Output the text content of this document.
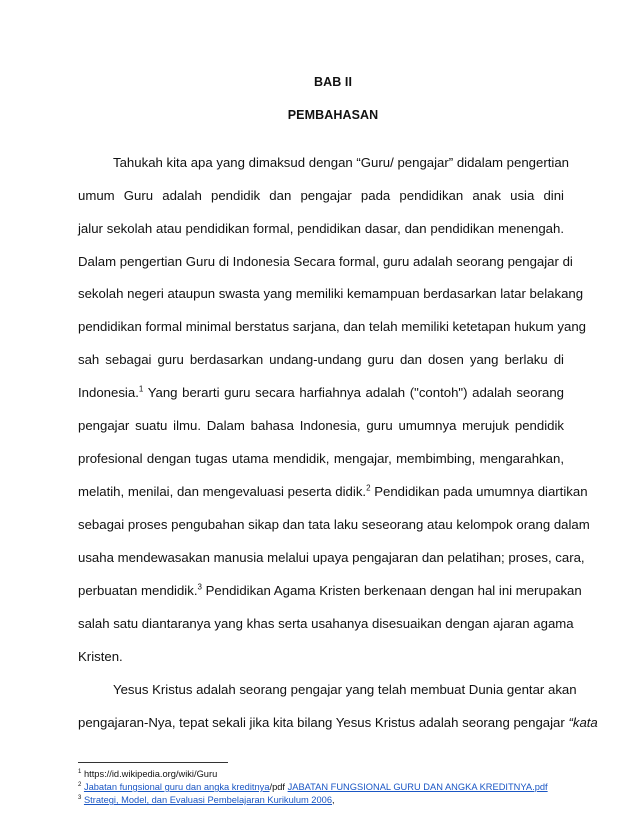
BAB II
PEMBAHASAN
Tahukah kita apa yang dimaksud dengan “Guru/ pengajar” didalam pengertian
umum Guru adalah pendidik dan pengajar pada pendidikan anak usia dini
jalur sekolah atau pendidikan formal, pendidikan dasar, dan pendidikan menengah.
Dalam pengertian Guru di Indonesia Secara formal, guru adalah seorang pengajar di
sekolah negeri ataupun swasta yang memiliki kemampuan berdasarkan latar belakang
pendidikan formal minimal berstatus sarjana, dan telah memiliki ketetapan hukum yang
sah sebagai guru berdasarkan undang-undang guru dan dosen yang berlaku di
Indonesia.$^1$ Yang berarti guru secara harfiahnya adalah ("contoh") adalah seorang
pengajar suatu ilmu. Dalam bahasa Indonesia, guru umumnya merujuk pendidik
profesional dengan tugas utama mendidik, mengajar, membimbing, mengarahkan,
melatih, menilai, dan mengevaluasi peserta didik.$^2$ Pendidikan pada umumnya diartikan
sebagai proses pengubahan sikap dan tata laku seseorang atau kelompok orang dalam
usaha mendewasakan manusia melalui upaya pengajaran dan pelatihan; proses, cara,
perbuatan mendidik.$^3$ Pendidikan Agama Kristen berkenaan dengan hal ini merupakan
salah satu diantaranya yang khas serta usahanya disesuaikan dengan ajaran agama
Kristen.
Yesus Kristus adalah seorang pengajar yang telah membuat Dunia gentar akan
pengajaran-Nya, tepat sekali jika kita bilang Yesus Kristus adalah seorang pengajar “kata
$^1$ https://id.wikipedia.org/wiki/Guru
$^2$ Jabatan fungsional guru dan angka kreditnya/pdf JABATAN FUNGSIONAL GURU DAN ANGKA KREDITNYA.pdf
$^3$ Strategi, Model, dan Evaluasi Pembelajaran Kurikulum 2006,
